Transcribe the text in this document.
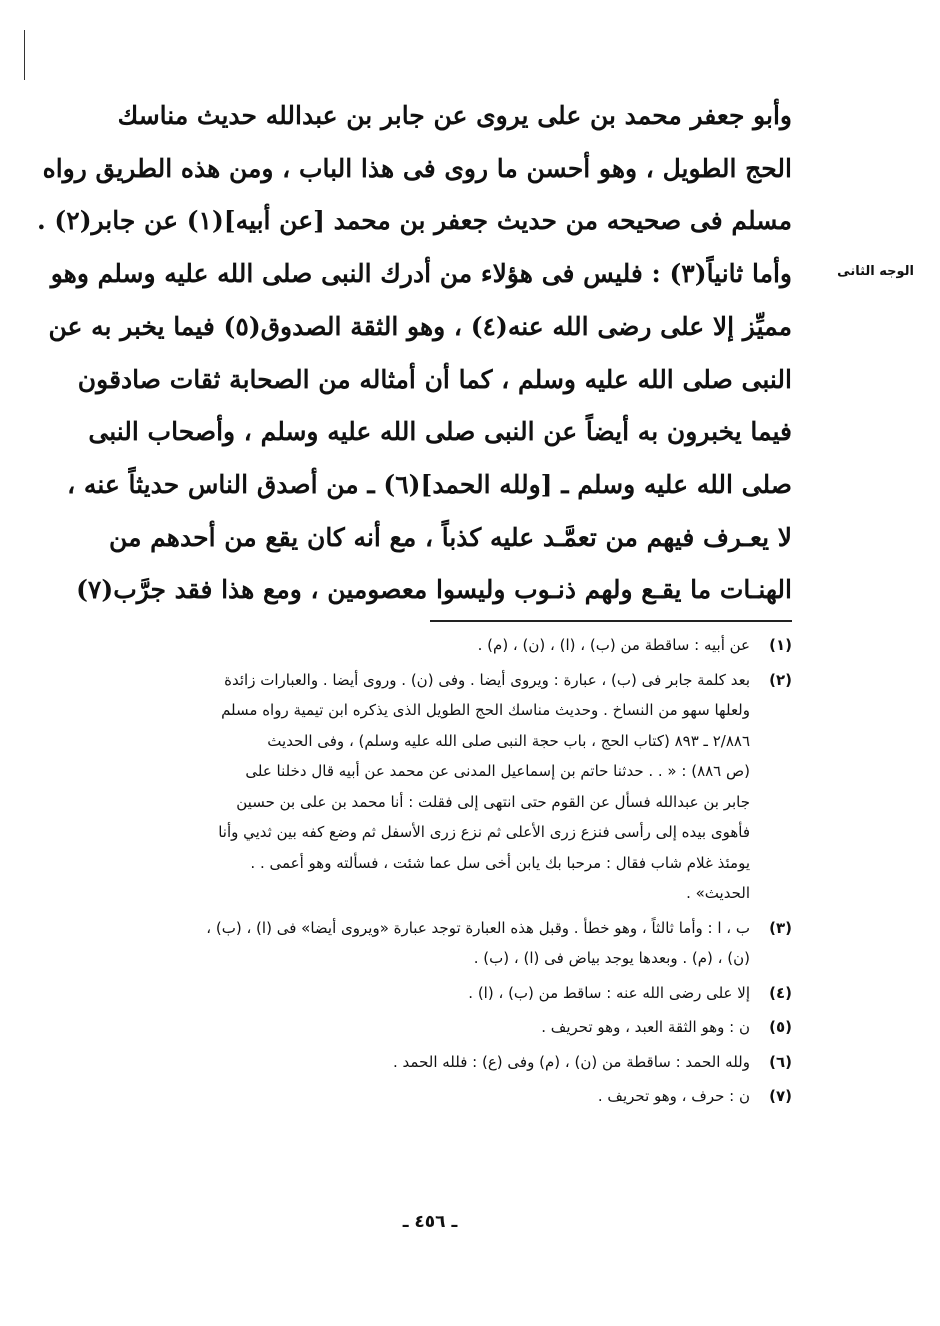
الوجه الثانى
وأبو جعفر محمد بن على يروى عن جابر بن عبدالله حديث مناسك
الحج الطويل ، وهو أحسن ما روى فى هذا الباب ، ومن هذه الطريق رواه
مسلم فى صحيحه من حديث جعفر بن محمد [عن أبيه](١) عن جابر(٢) .
وأما ثانياً(٣) : فليس فى هؤلاء من أدرك النبى صلى الله عليه وسلم وهو
مميِّز إلا على رضى الله عنه(٤) ، وهو الثقة الصدوق(٥) فيما يخبر به عن
النبى صلى الله عليه وسلم ، كما أن أمثاله من الصحابة ثقات صادقون
فيما يخبرون به أيضاً عن النبى صلى الله عليه وسلم ، وأصحاب النبى
صلى الله عليه وسلم ـ [ولله الحمد](٦) ـ من أصدق الناس حديثاً عنه ،
لا يعـرف فيهم من تعمَّـد عليه كذباً ، مع أنه كان يقع من أحدهم من
الهنـات ما يقـع ولهم ذنـوب وليسوا معصومين ، ومع هذا فقد جرَّب(٧)
(١)
عن أبيه : ساقطة من (ب) ، (ا) ، (ن) ، (م) .
(٢)
بعد كلمة جابر فى (ب) ، عبارة : ويروى أيضا . وفى (ن) . وروى أيضا . والعبارات زائدة
ولعلها سهو من النساخ . وحديث مناسك الحج الطويل الذى يذكره ابن تيمية رواه مسلم
٢/٨٨٦ ـ ٨٩٣ (كتاب الحج ، باب حجة النبى صلى الله عليه وسلم) ، وفى الحديث
(ص ٨٨٦) : « . . حدثنا حاتم بن إسماعيل المدنى عن محمد عن أبيه قال دخلنا على
جابر بن عبدالله فسأل عن القوم حتى انتهى إلى فقلت : أنا محمد بن على بن حسين
فأهوى بيده إلى رأسى فنزع زرى الأعلى ثم نزع زرى الأسفل ثم وضع كفه بين ثديي وأنا
يومئذ غلام شاب فقال : مرحبا بك يابن أخى سل عما شئت ، فسألته وهو أعمى . .
الحديث» .
(٣)
ب ، ا : وأما ثالثاً ، وهو خطأ . وقبل هذه العبارة توجد عبارة «ويروى أيضا» فى (ا) ، (ب) ،
(ن) ، (م) . وبعدها يوجد بياض فى (ا) ، (ب) .
(٤)
إلا على رضى الله عنه : ساقط من (ب) ، (ا) .
(٥)
ن : وهو الثقة العبد ، وهو تحريف .
(٦)
ولله الحمد : ساقطة من (ن) ، (م) وفى (ع) : فلله الحمد .
(٧)
ن : حرف ، وهو تحريف .
ـ ٤٥٦ ـ
